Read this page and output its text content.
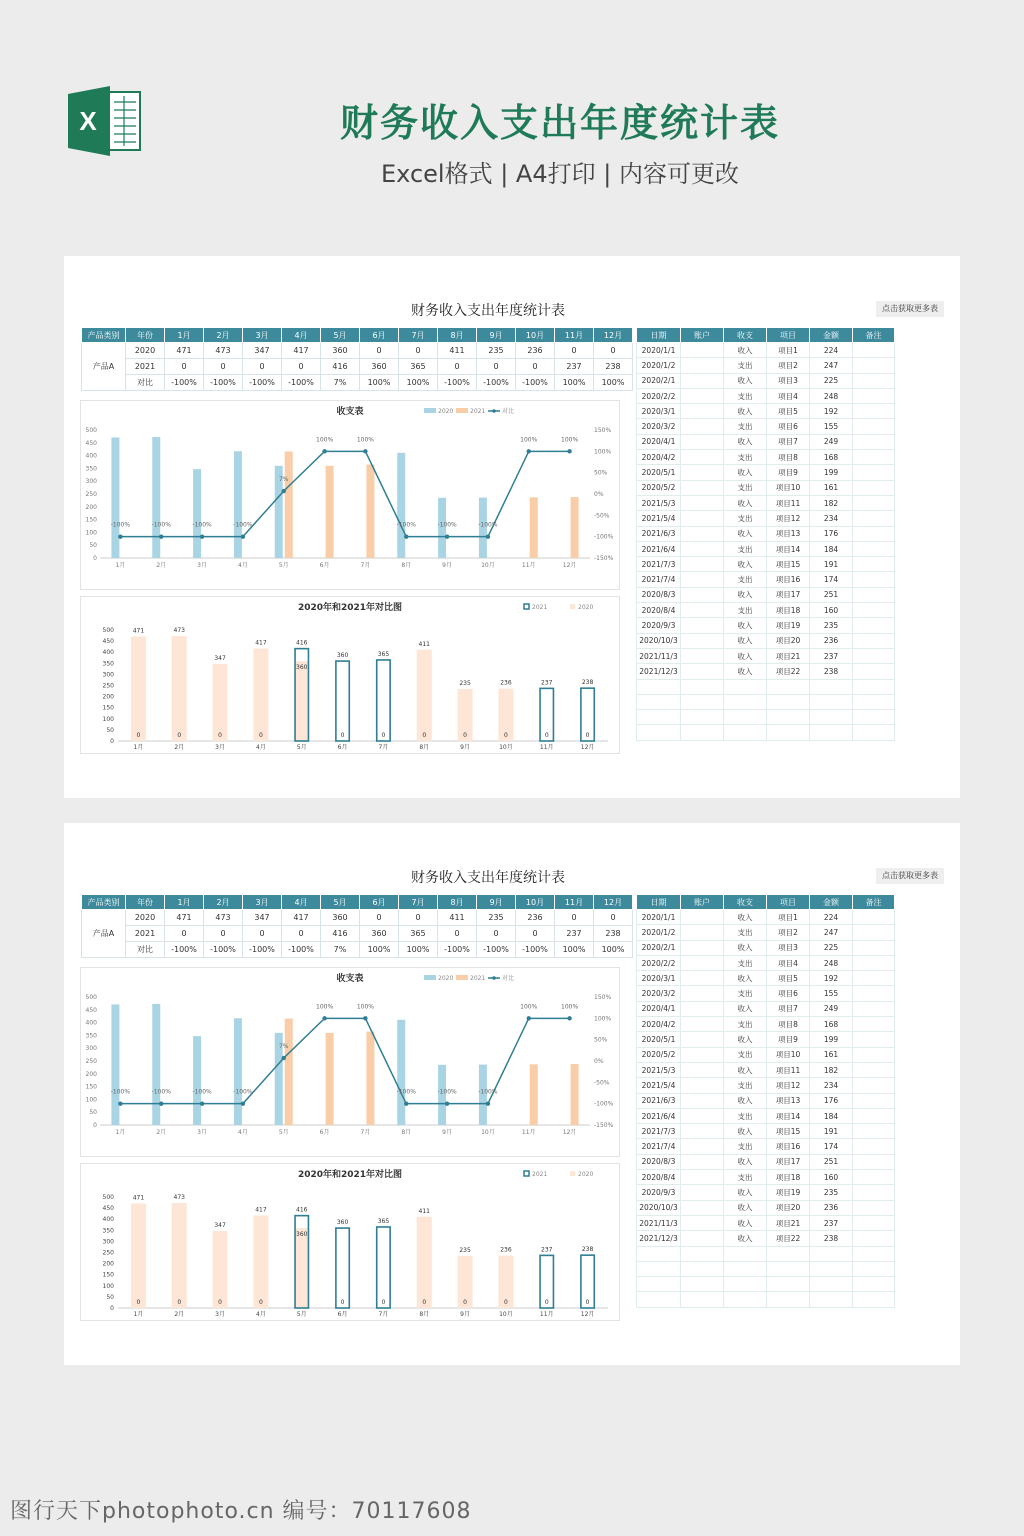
X	财务收入支出年度统计表
Excel格式 | A4打印 | 内容可更改
财务收入支出年度统计表	点击获取更多表
产品类别	年份	1月	2月	3月	4月	5月	6月	7月	8月	9月	10月	11月	12月
产品A	2020	471	473	347	417	360	0	0	411	235	236	0	0
	2021	0	0	0	0	416	360	365	0	0	0	237	238
	对比	-100%	-100%	-100%	-100%	7%	100%	100%	-100%	-100%	-100%	100%	100%
日期	账户	收支	项目	金额	备注
2020/1/1		收入	项目1	224	
2020/1/2		支出	项目2	247	
2020/2/1		收入	项目3	225	
2020/2/2		支出	项目4	248	
2020/3/1		收入	项目5	192	
2020/3/2		支出	项目6	155	
2020/4/1		收入	项目7	249	
2020/4/2		支出	项目8	168	
2020/5/1		收入	项目9	199	
2020/5/2		支出	项目10	161	
2021/5/3		收入	项目11	182	
2021/5/4		支出	项目12	234	
2021/6/3		收入	项目13	176	
2021/6/4		支出	项目14	184	
2021/7/3		收入	项目15	191	
2021/7/4		支出	项目16	174	
2020/8/3		收入	项目17	251	
2020/8/4		支出	项目18	160	
2020/9/3		收入	项目19	235	
2020/10/3		收入	项目20	236	
2021/11/3		收入	项目21	237	
2021/12/3		收入	项目22	238	

收支表	2020	2021	对比
0
50
100
150
200
250
300
350
400
450
500
-150%
-100%
-50%
0%
50%
100%
150%
1月	2月	3月	4月	5月	6月	7月	8月	9月	10月	11月	12月
-100%	-100%	-100%	-100%
7%
100%	100%
-100%	-100%	-100%
100%	100%
2020年和2021年对比图	2021	2020
0
50
100
150
200
250
300
350
400
450
500
1月	2月	3月	4月	5月	6月	7月	8月	9月	10月	11月	12月
471
0
473
0
347
0
417
0
416
360
360
0
365
0
411
0
235
0
236
0
237
0
238
0
财务收入支出年度统计表	点击获取更多表
产品类别	年份	1月	2月	3月	4月	5月	6月	7月	8月	9月	10月	11月	12月
产品A	2020	471	473	347	417	360	0	0	411	235	236	0	0
	2021	0	0	0	0	416	360	365	0	0	0	237	238
	对比	-100%	-100%	-100%	-100%	7%	100%	100%	-100%	-100%	-100%	100%	100%
日期	账户	收支	项目	金额	备注
2020/1/1		收入	项目1	224	
2020/1/2		支出	项目2	247	
2020/2/1		收入	项目3	225	
2020/2/2		支出	项目4	248	
2020/3/1		收入	项目5	192	
2020/3/2		支出	项目6	155	
2020/4/1		收入	项目7	249	
2020/4/2		支出	项目8	168	
2020/5/1		收入	项目9	199	
2020/5/2		支出	项目10	161	
2021/5/3		收入	项目11	182	
2021/5/4		支出	项目12	234	
2021/6/3		收入	项目13	176	
2021/6/4		支出	项目14	184	
2021/7/3		收入	项目15	191	
2021/7/4		支出	项目16	174	
2020/8/3		收入	项目17	251	
2020/8/4		支出	项目18	160	
2020/9/3		收入	项目19	235	
2020/10/3		收入	项目20	236	
2021/11/3		收入	项目21	237	
2021/12/3		收入	项目22	238	

收支表	2020	2021	对比
0
50
100
150
200
250
300
350
400
450
500
-150%
-100%
-50%
0%
50%
100%
150%
1月	2月	3月	4月	5月	6月	7月	8月	9月	10月	11月	12月
-100%	-100%	-100%	-100%
7%
100%	100%
-100%	-100%	-100%
100%	100%
2020年和2021年对比图	2021	2020
0
50
100
150
200
250
300
350
400
450
500
1月	2月	3月	4月	5月	6月	7月	8月	9月	10月	11月	12月
471
0
473
0
347
0
417
0
416
360
360
0
365
0
411
0
235
0
236
0
237
0
238
0
图行天下photophoto.cn 编号：70117608
